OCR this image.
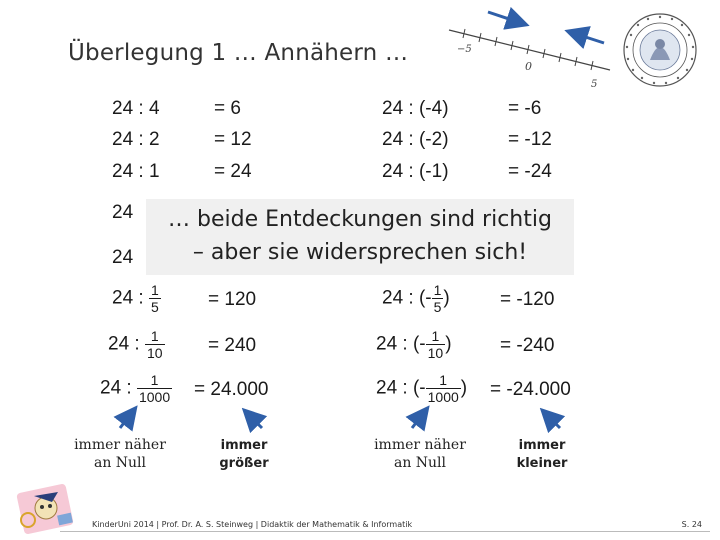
Überlegung 1 … Annähern …	−5
0
5
24 : 4	= 6
24 : 2	= 12
24 : 1	= 24
24 : $\frac{1}{5} = 120$
24 : $\frac{1}{10} = 240$
24 : $\frac{1}{1000} = 24.000$
24 : (-4)	= -6
24 : (-2)	= -12
24 : (-1)	= -24
24 : (- $\frac{1}{5}$ )	= -120
24 : (- $\frac{1}{10}$ )	= -240
24 : (- $\frac{1}{1000}$ ) = -24.000
24
24
… beide Entdeckungen sind richtig
– aber sie widersprechen sich!
immer näher an Null
immer größer
immer näher an Null
immer kleiner
KinderUni 2014 | Prof. Dr. A. S. Steinweg | Didaktik der Mathematik & Informatik	S. 24
